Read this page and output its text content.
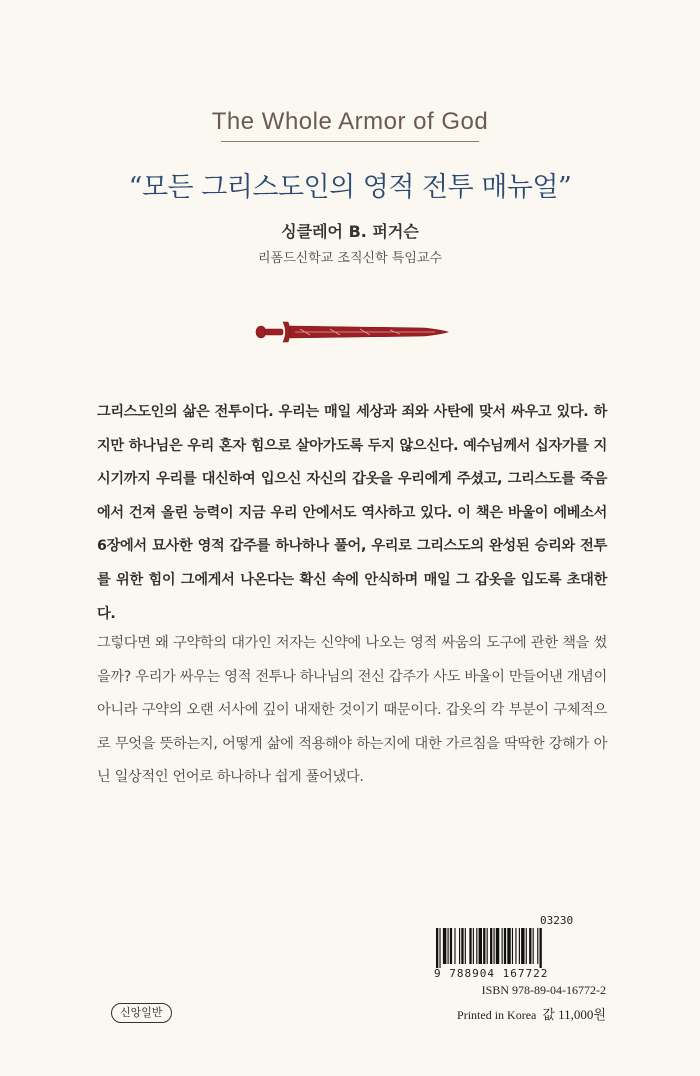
The Whole Armor of God
“모든 그리스도인의 영적 전투 매뉴얼”
싱클레어 B. 퍼거슨
리폼드신학교 조직신학 특임교수

그리스도인의 삶은 전투이다. 우리는 매일 세상과 죄와 사탄에 맞서 싸우고 있다. 하지만 하나님은 우리 혼자 힘으로 살아가도록 두지 않으신다. 예수님께서 십자가를 지시기까지 우리를 대신하여 입으신 자신의 갑옷을 우리에게 주셨고, 그리스도를 죽음에서 건져 올린 능력이 지금 우리 안에서도 역사하고 있다. 이 책은 바울이 에베소서 6장에서 묘사한 영적 갑주를 하나하나 풀어, 우리로 그리스도의 완성된 승리와 전투를 위한 힘이 그에게서 나온다는 확신 속에 안식하며 매일 그 갑옷을 입도록 초대한다.

그렇다면 왜 구약학의 대가인 저자는 신약에 나오는 영적 싸움의 도구에 관한 책을 썼을까? 우리가 싸우는 영적 전투나 하나님의 전신 갑주가 사도 바울이 만들어낸 개념이 아니라 구약의 오랜 서사에 깊이 내재한 것이기 때문이다. 갑옷의 각 부분이 구체적으로 무엇을 뜻하는지, 어떻게 삶에 적용해야 하는지에 대한 가르침을 딱딱한 강해가 아닌 일상적인 언어로 하나하나 쉽게 풀어냈다.

03230
9 788904 167722
ISBN 978-89-04-16772-2
Printed in Korea 값 11,000원
신앙일반
